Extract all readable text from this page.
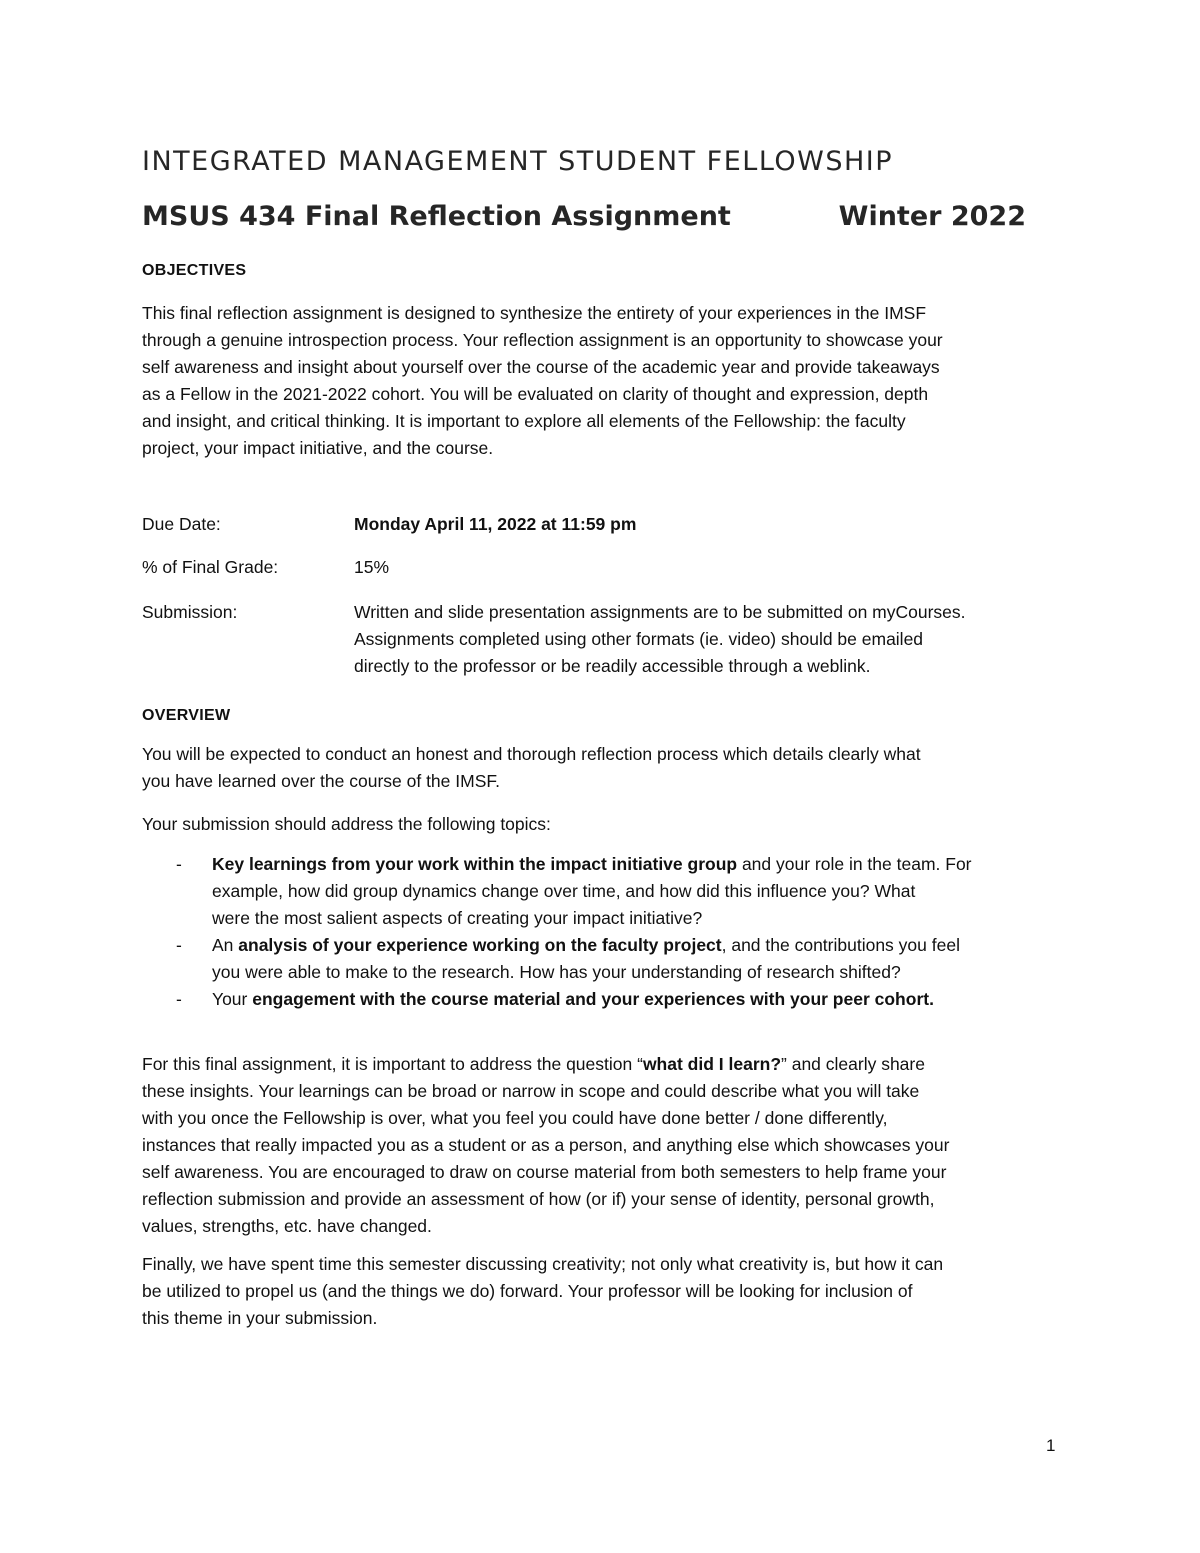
INTEGRATED MANAGEMENT STUDENT FELLOWSHIP
MSUS 434 Final Reflection Assignment	Winter 2022
OBJECTIVES

This final reflection assignment is designed to synthesize the entirety of your experiences in the IMSF

through a genuine introspection process. Your reflection assignment is an opportunity to showcase your

self awareness and insight about yourself over the course of the academic year and provide takeaways

as a Fellow in the 2021-2022 cohort. You will be evaluated on clarity of thought and expression, depth

and insight, and critical thinking. It is important to explore all elements of the Fellowship: the faculty

project, your impact initiative, and the course.

Due Date:	Monday April 11, 2022 at 11:59 pm
% of Final Grade:	15%
Submission:	Written and slide presentation assignments are to be submitted on myCourses.

Assignments completed using other formats (ie. video) should be emailed

directly to the professor or be readily accessible through a weblink.

OVERVIEW

You will be expected to conduct an honest and thorough reflection process which details clearly what

you have learned over the course of the IMSF.

Your submission should address the following topics:

- Key learnings from your work within the impact initiative group and your role in the team. For

example, how did group dynamics change over time, and how did this influence you? What

were the most salient aspects of creating your impact initiative?

- An analysis of your experience working on the faculty project, and the contributions you feel

you were able to make to the research. How has your understanding of research shifted?

- Your engagement with the course material and your experiences with your peer cohort.

For this final assignment, it is important to address the question “what did I learn?” and clearly share

these insights. Your learnings can be broad or narrow in scope and could describe what you will take

with you once the Fellowship is over, what you feel you could have done better / done differently,

instances that really impacted you as a student or as a person, and anything else which showcases your

self awareness. You are encouraged to draw on course material from both semesters to help frame your

reflection submission and provide an assessment of how (or if) your sense of identity, personal growth,

values, strengths, etc. have changed.

Finally, we have spent time this semester discussing creativity; not only what creativity is, but how it can

be utilized to propel us (and the things we do) forward. Your professor will be looking for inclusion of

this theme in your submission.

1
